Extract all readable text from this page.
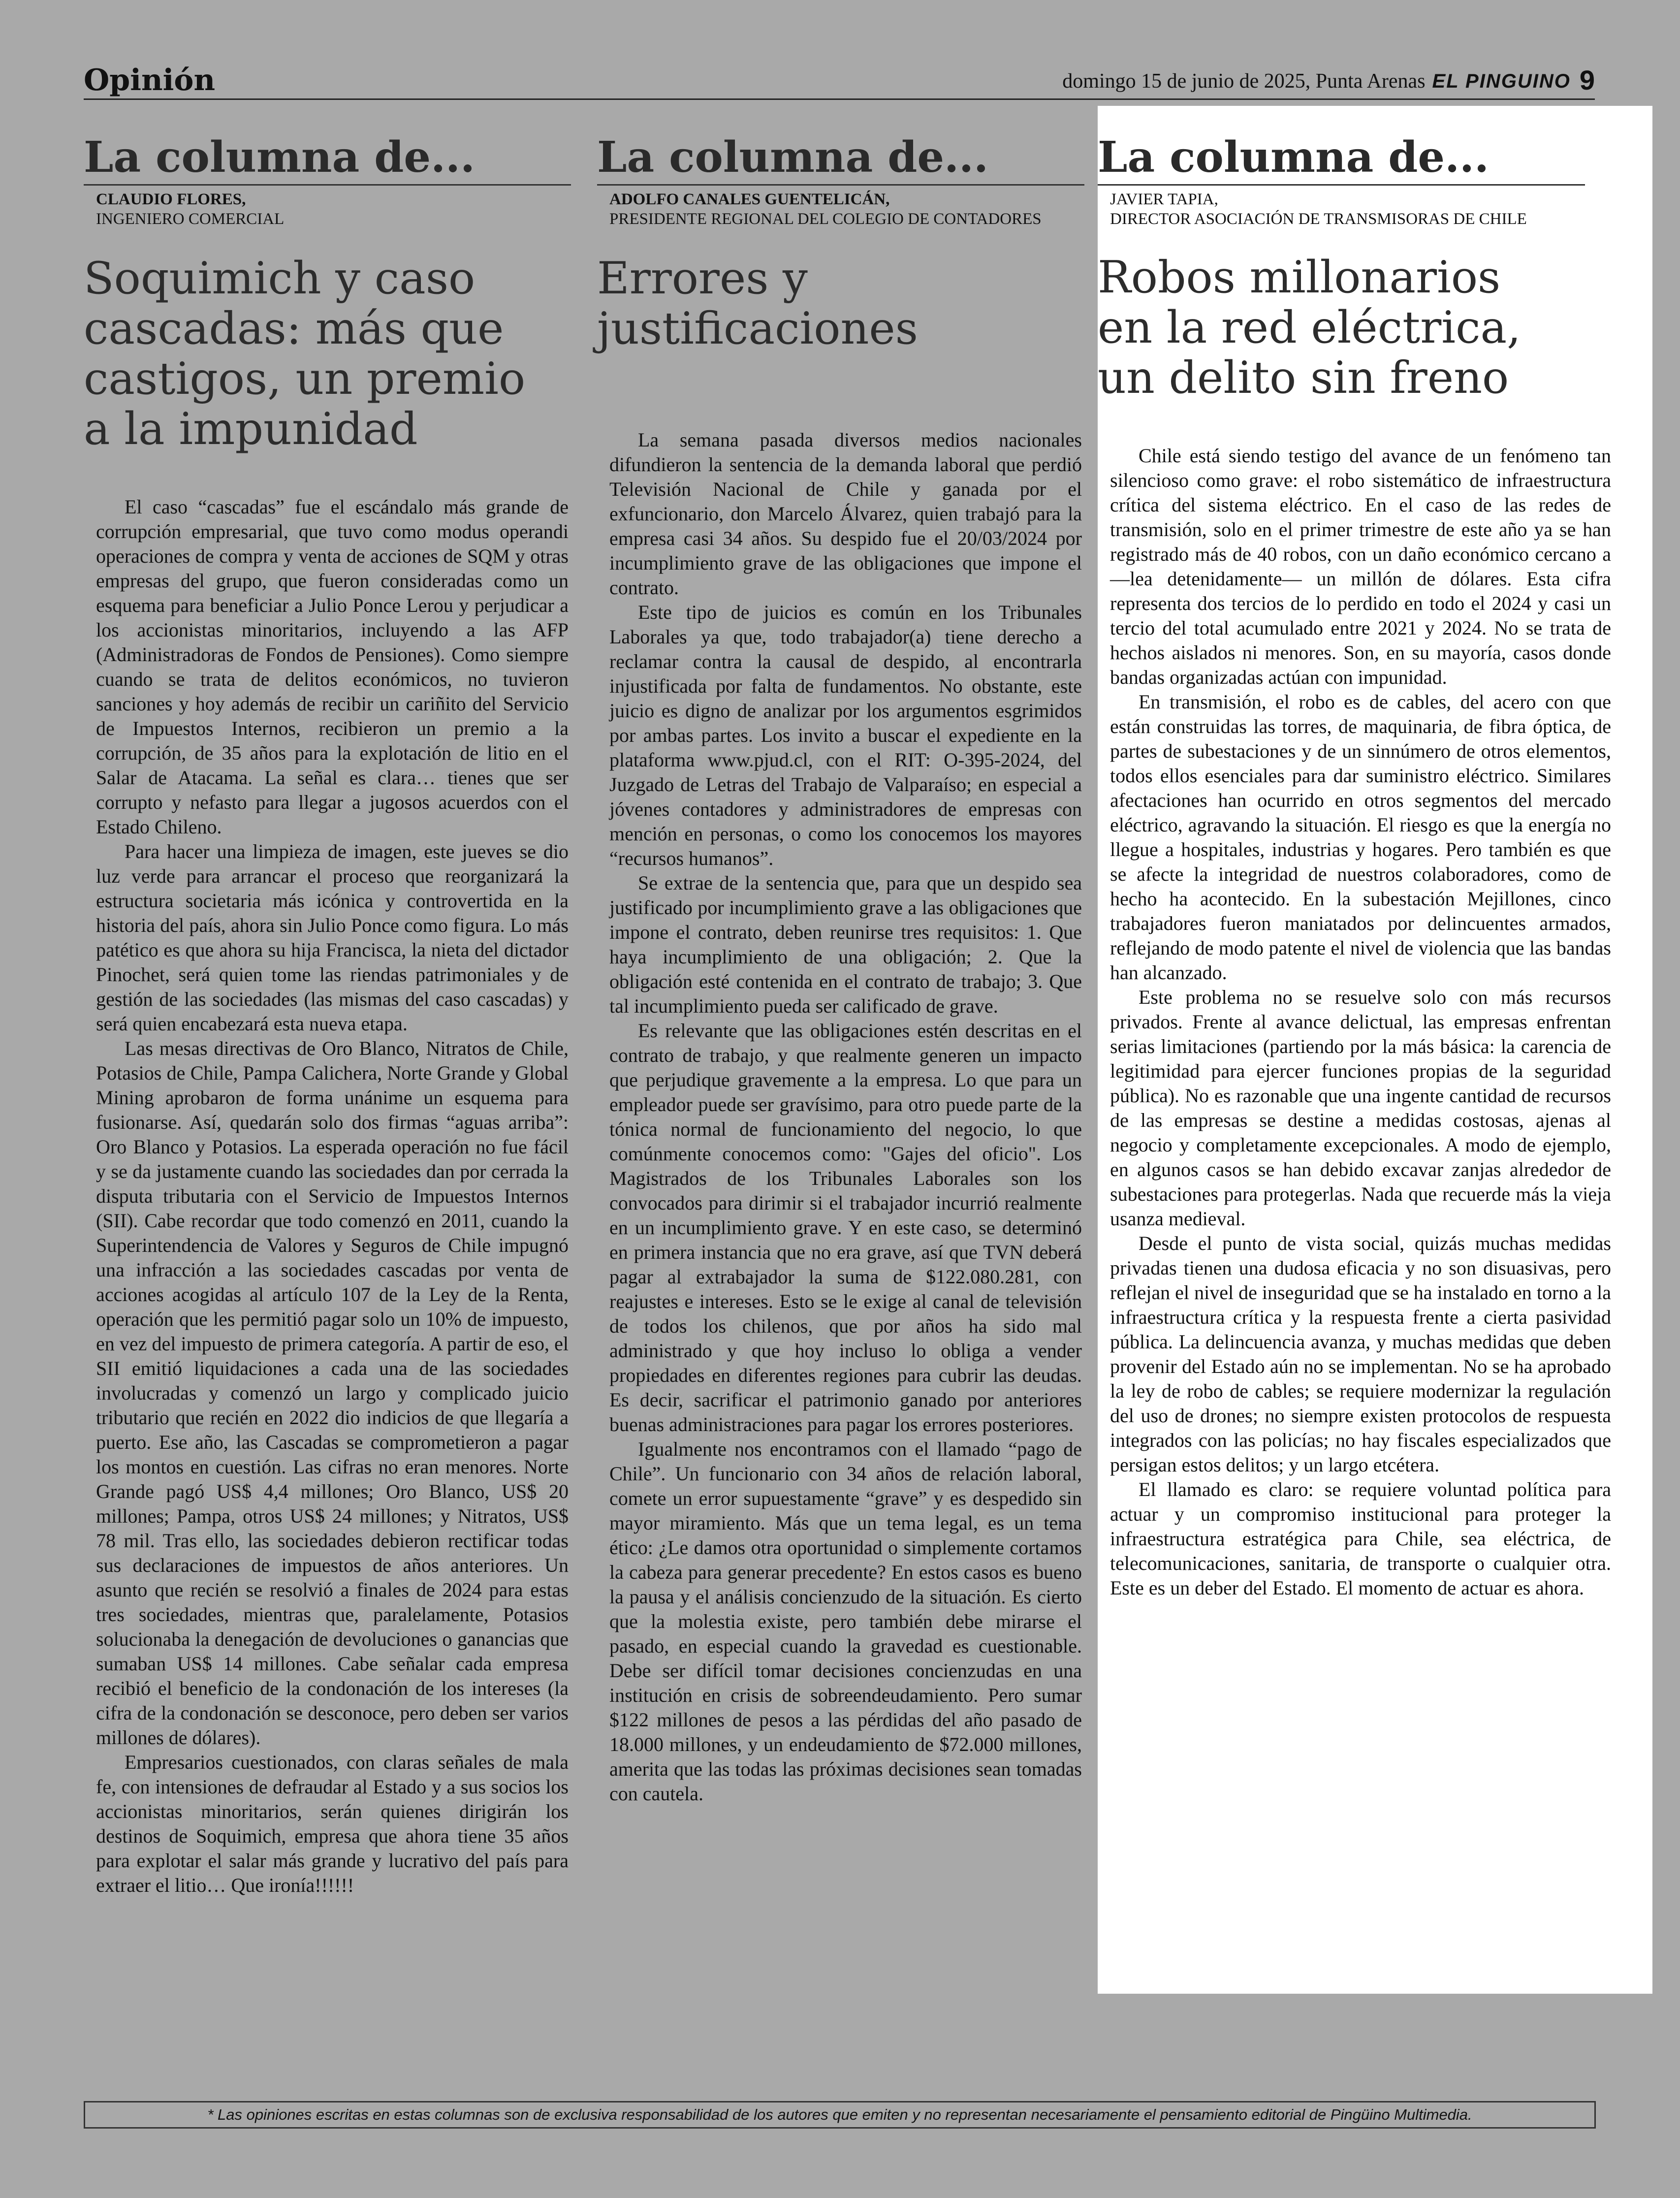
Opinión	domingo 15 de junio de 2025, Punta Arenas EL PINGUINO 9
La columna de...
CLAUDIO FLORES,
INGENIERO COMERCIAL
Soquimich y caso
cascadas: más que
castigos, un premio
a la impunidad

El caso “cascadas” fue el escándalo más grande de corrupción empresarial, que tuvo como modus operandi operaciones de compra y venta de acciones de SQM y otras empresas del grupo, que fueron consideradas como un esquema para beneficiar a Julio Ponce Lerou y perjudicar a los accionistas minoritarios, incluyendo a las AFP (Administradoras de Fondos de Pensiones). Como siempre cuando se trata de delitos económicos, no tuvieron sanciones y hoy además de recibir un cariñito del Servicio de Impuestos Internos, recibieron un premio a la corrupción, de 35 años para la explotación de litio en el Salar de Atacama. La señal es clara… tienes que ser corrupto y nefasto para llegar a jugosos acuerdos con el Estado Chileno.

Para hacer una limpieza de imagen, este jueves se dio luz verde para arrancar el proceso que reorganizará la estructura societaria más icónica y controvertida en la historia del país, ahora sin Julio Ponce como figura. Lo más patético es que ahora su hija Francisca, la nieta del dictador Pinochet, será quien tome las riendas patrimoniales y de gestión de las sociedades (las mismas del caso cascadas) y será quien encabezará esta nueva etapa.

Las mesas directivas de Oro Blanco, Nitratos de Chile, Potasios de Chile, Pampa Calichera, Norte Grande y Global Mining aprobaron de forma unánime un esquema para fusionarse. Así, quedarán solo dos firmas “aguas arriba”: Oro Blanco y Potasios. La esperada operación no fue fácil y se da justamente cuando las sociedades dan por cerrada la disputa tributaria con el Servicio de Impuestos Internos (SII). Cabe recordar que todo comenzó en 2011, cuando la Superintendencia de Valores y Seguros de Chile impugnó una infracción a las sociedades cascadas por venta de acciones acogidas al artículo 107 de la Ley de la Renta, operación que les permitió pagar solo un 10% de impuesto, en vez del impuesto de primera categoría. A partir de eso, el SII emitió liquidaciones a cada una de las sociedades involucradas y comenzó un largo y complicado juicio tributario que recién en 2022 dio indicios de que llegaría a puerto. Ese año, las Cascadas se comprometieron a pagar los montos en cuestión. Las cifras no eran menores. Norte Grande pagó US$ 4,4 millones; Oro Blanco, US$ 20 millones; Pampa, otros US$ 24 millones; y Nitratos, US$ 78 mil. Tras ello, las sociedades debieron rectificar todas sus declaraciones de impuestos de años anteriores. Un asunto que recién se resolvió a finales de 2024 para estas tres sociedades, mientras que, paralelamente, Potasios solucionaba la denegación de devoluciones o ganancias que sumaban US$ 14 millones. Cabe señalar cada empresa recibió el beneficio de la condonación de los intereses (la cifra de la condonación se desconoce, pero deben ser varios millones de dólares).

Empresarios cuestionados, con claras señales de mala fe, con intensiones de defraudar al Estado y a sus socios los accionistas minoritarios, serán quienes dirigirán los destinos de Soquimich, empresa que ahora tiene 35 años para explotar el salar más grande y lucrativo del país para extraer el litio… Que ironía!!!!!!

La columna de...
ADOLFO CANALES GUENTELICÁN,
PRESIDENTE REGIONAL DEL COLEGIO DE CONTADORES
Errores y
justificaciones

La semana pasada diversos medios nacionales difundieron la sentencia de la demanda laboral que perdió Televisión Nacional de Chile y ganada por el exfuncionario, don Marcelo Álvarez, quien trabajó para la empresa casi 34 años. Su despido fue el 20/03/2024 por incumplimiento grave de las obligaciones que impone el contrato.

Este tipo de juicios es común en los Tribunales Laborales ya que, todo trabajador(a) tiene derecho a reclamar contra la causal de despido, al encontrarla injustificada por falta de fundamentos. No obstante, este juicio es digno de analizar por los argumentos esgrimidos por ambas partes. Los invito a buscar el expediente en la plataforma www.pjud.cl, con el RIT: O-395-2024, del Juzgado de Letras del Trabajo de Valparaíso; en especial a jóvenes contadores y administradores de empresas con mención en personas, o como los conocemos los mayores “recursos humanos”.

Se extrae de la sentencia que, para que un despido sea justificado por incumplimiento grave a las obligaciones que impone el contrato, deben reunirse tres requisitos: 1. Que haya incumplimiento de una obligación; 2. Que la obligación esté contenida en el contrato de trabajo; 3. Que tal incumplimiento pueda ser calificado de grave.

Es relevante que las obligaciones estén descritas en el contrato de trabajo, y que realmente generen un impacto que perjudique gravemente a la empresa. Lo que para un empleador puede ser gravísimo, para otro puede parte de la tónica normal de funcionamiento del negocio, lo que comúnmente conocemos como: "Gajes del oficio". Los Magistrados de los Tribunales Laborales son los convocados para dirimir si el trabajador incurrió realmente en un incumplimiento grave. Y en este caso, se determinó en primera instancia que no era grave, así que TVN deberá pagar al extrabajador la suma de $122.080.281, con reajustes e intereses. Esto se le exige al canal de televisión de todos los chilenos, que por años ha sido mal administrado y que hoy incluso lo obliga a vender propiedades en diferentes regiones para cubrir las deudas. Es decir, sacrificar el patrimonio ganado por anteriores buenas administraciones para pagar los errores posteriores.

Igualmente nos encontramos con el llamado “pago de Chile”. Un funcionario con 34 años de relación laboral, comete un error supuestamente “grave” y es despedido sin mayor miramiento. Más que un tema legal, es un tema ético: ¿Le damos otra oportunidad o simplemente cortamos la cabeza para generar precedente? En estos casos es bueno la pausa y el análisis concienzudo de la situación. Es cierto que la molestia existe, pero también debe mirarse el pasado, en especial cuando la gravedad es cuestionable. Debe ser difícil tomar decisiones concienzudas en una institución en crisis de sobreendeudamiento. Pero sumar $122 millones de pesos a las pérdidas del año pasado de 18.000 millones, y un endeudamiento de $72.000 millones, amerita que las todas las próximas decisiones sean tomadas con cautela.

La columna de...
JAVIER TAPIA,
DIRECTOR ASOCIACIÓN DE TRANSMISORAS DE CHILE
Robos millonarios
en la red eléctrica,
un delito sin freno

Chile está siendo testigo del avance de un fenómeno tan silencioso como grave: el robo sistemático de infraestructura crítica del sistema eléctrico. En el caso de las redes de transmisión, solo en el primer trimestre de este año ya se han registrado más de 40 robos, con un daño económico cercano a —lea detenidamente— un millón de dólares. Esta cifra representa dos tercios de lo perdido en todo el 2024 y casi un tercio del total acumulado entre 2021 y 2024. No se trata de hechos aislados ni menores. Son, en su mayoría, casos donde bandas organizadas actúan con impunidad.

En transmisión, el robo es de cables, del acero con que están construidas las torres, de maquinaria, de fibra óptica, de partes de subestaciones y de un sinnúmero de otros elementos, todos ellos esenciales para dar suministro eléctrico. Similares afectaciones han ocurrido en otros segmentos del mercado eléctrico, agravando la situación. El riesgo es que la energía no llegue a hospitales, industrias y hogares. Pero también es que se afecte la integridad de nuestros colaboradores, como de hecho ha acontecido. En la subestación Mejillones, cinco trabajadores fueron maniatados por delincuentes armados, reflejando de modo patente el nivel de violencia que las bandas han alcanzado.

Este problema no se resuelve solo con más recursos privados. Frente al avance delictual, las empresas enfrentan serias limitaciones (partiendo por la más básica: la carencia de legitimidad para ejercer funciones propias de la seguridad pública). No es razonable que una ingente cantidad de recursos de las empresas se destine a medidas costosas, ajenas al negocio y completamente excepcionales. A modo de ejemplo, en algunos casos se han debido excavar zanjas alrededor de subestaciones para protegerlas. Nada que recuerde más la vieja usanza medieval.

Desde el punto de vista social, quizás muchas medidas privadas tienen una dudosa eficacia y no son disuasivas, pero reflejan el nivel de inseguridad que se ha instalado en torno a la infraestructura crítica y la respuesta frente a cierta pasividad pública. La delincuencia avanza, y muchas medidas que deben provenir del Estado aún no se implementan. No se ha aprobado la ley de robo de cables; se requiere modernizar la regulación del uso de drones; no siempre existen protocolos de respuesta integrados con las policías; no hay fiscales especializados que persigan estos delitos; y un largo etcétera.

El llamado es claro: se requiere voluntad política para actuar y un compromiso institucional para proteger la infraestructura estratégica para Chile, sea eléctrica, de telecomunicaciones, sanitaria, de transporte o cualquier otra. Este es un deber del Estado. El momento de actuar es ahora.

* Las opiniones escritas en estas columnas son de exclusiva responsabilidad de los autores que emiten y no representan necesariamente el pensamiento editorial de Pingüino Multimedia.
